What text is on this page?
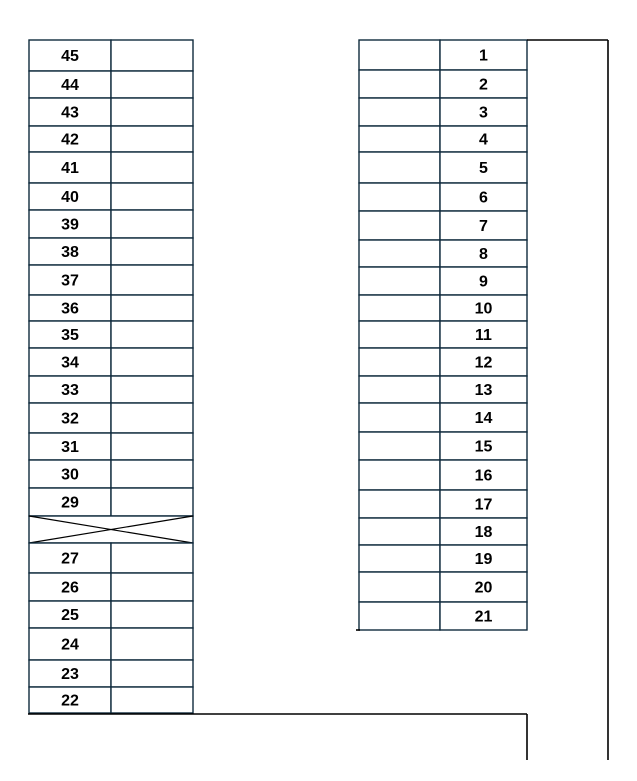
45
44
43
42
41
40
39
38
37
36
35
34
33
32
31
30
29
27
26
25
24
23
22
1
2
3
4
5
6
7
8
9
10
11
12
13
14
15
16
17
18
19
20
21
